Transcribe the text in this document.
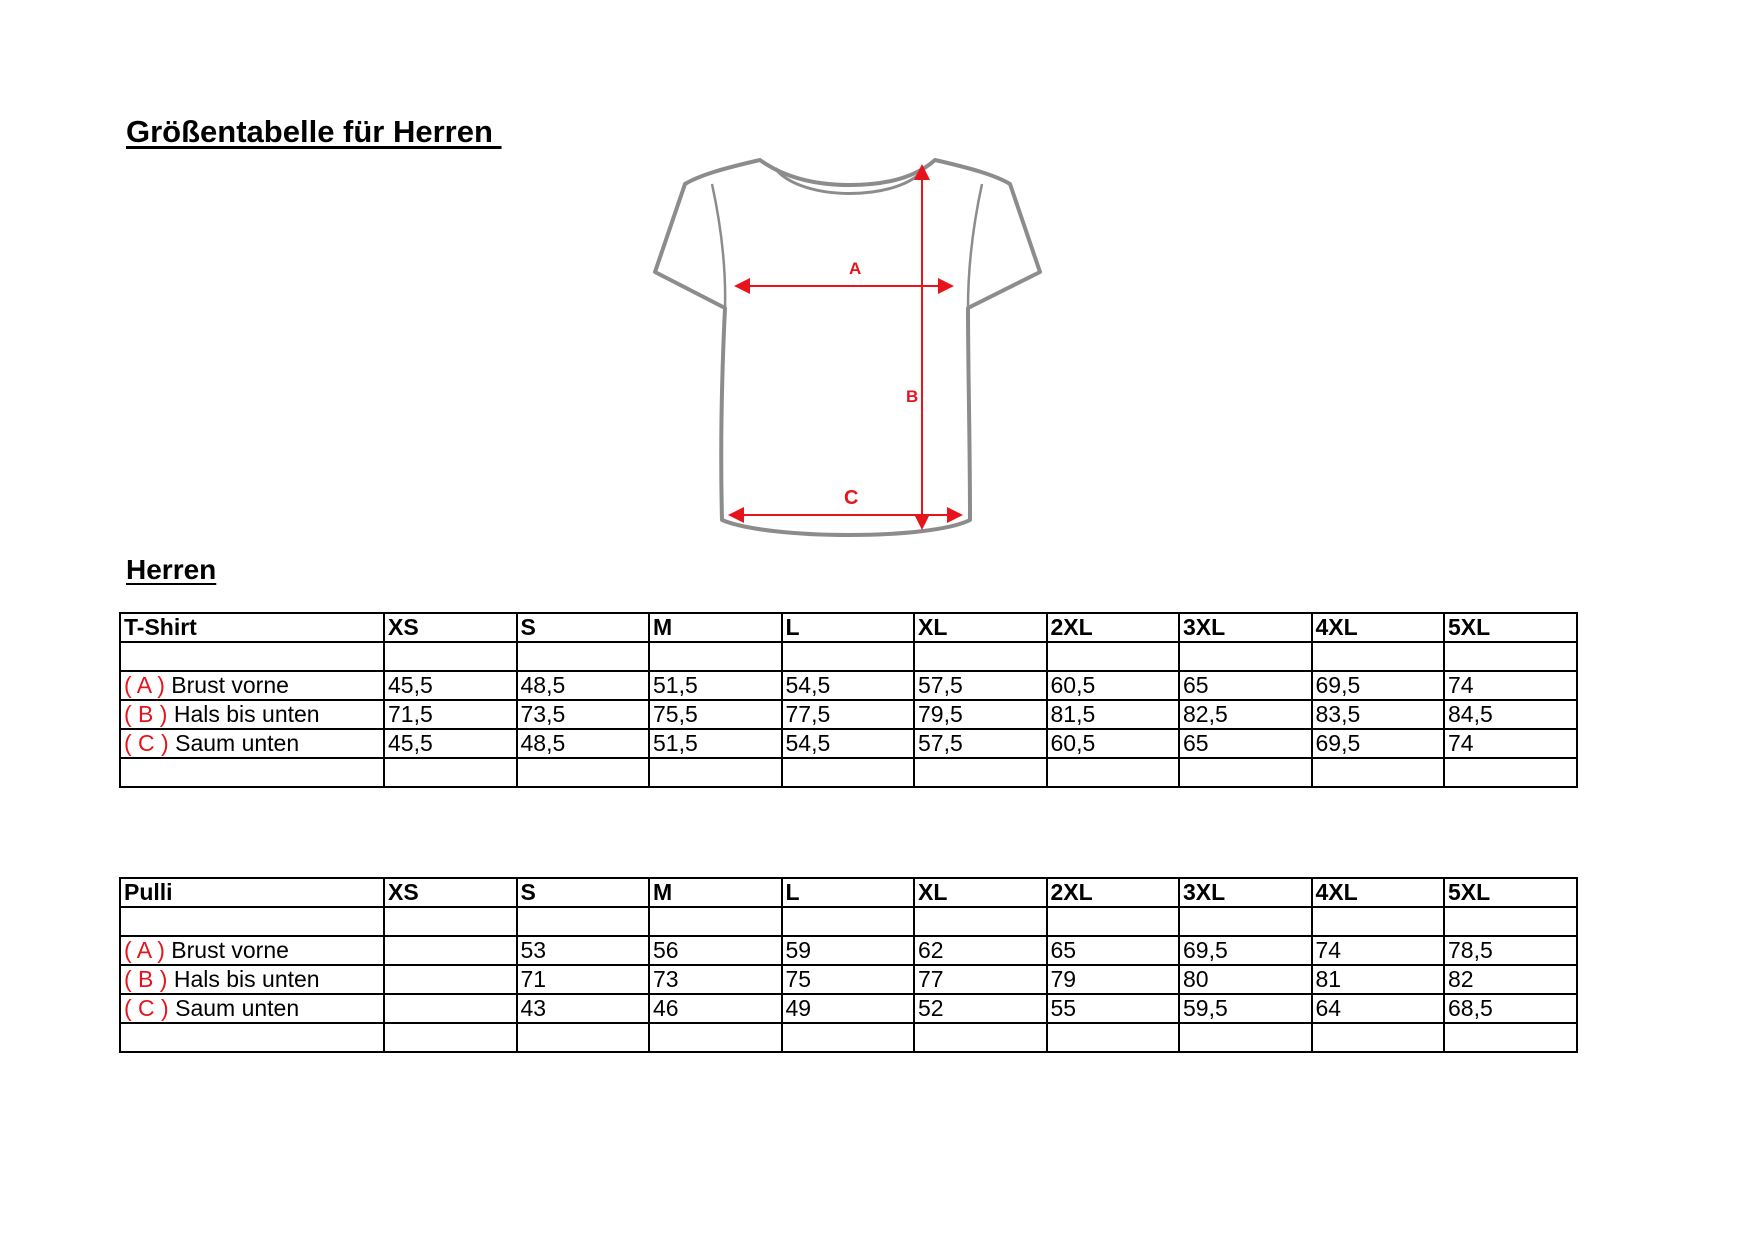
Größentabelle für Herren
A
B
C
Herren
T-Shirt	XS	S	M	L	XL	2XL	3XL	4XL	5XL

( A ) Brust vorne	45,5	48,5	51,5	54,5	57,5	60,5	65	69,5	74
( B ) Hals bis unten	71,5	73,5	75,5	77,5	79,5	81,5	82,5	83,5	84,5
( C ) Saum unten	45,5	48,5	51,5	54,5	57,5	60,5	65	69,5	74

Pulli	XS	S	M	L	XL	2XL	3XL	4XL	5XL

( A ) Brust vorne		53	56	59	62	65	69,5	74	78,5
( B ) Hals bis unten		71	73	75	77	79	80	81	82
( C ) Saum unten		43	46	49	52	55	59,5	64	68,5
